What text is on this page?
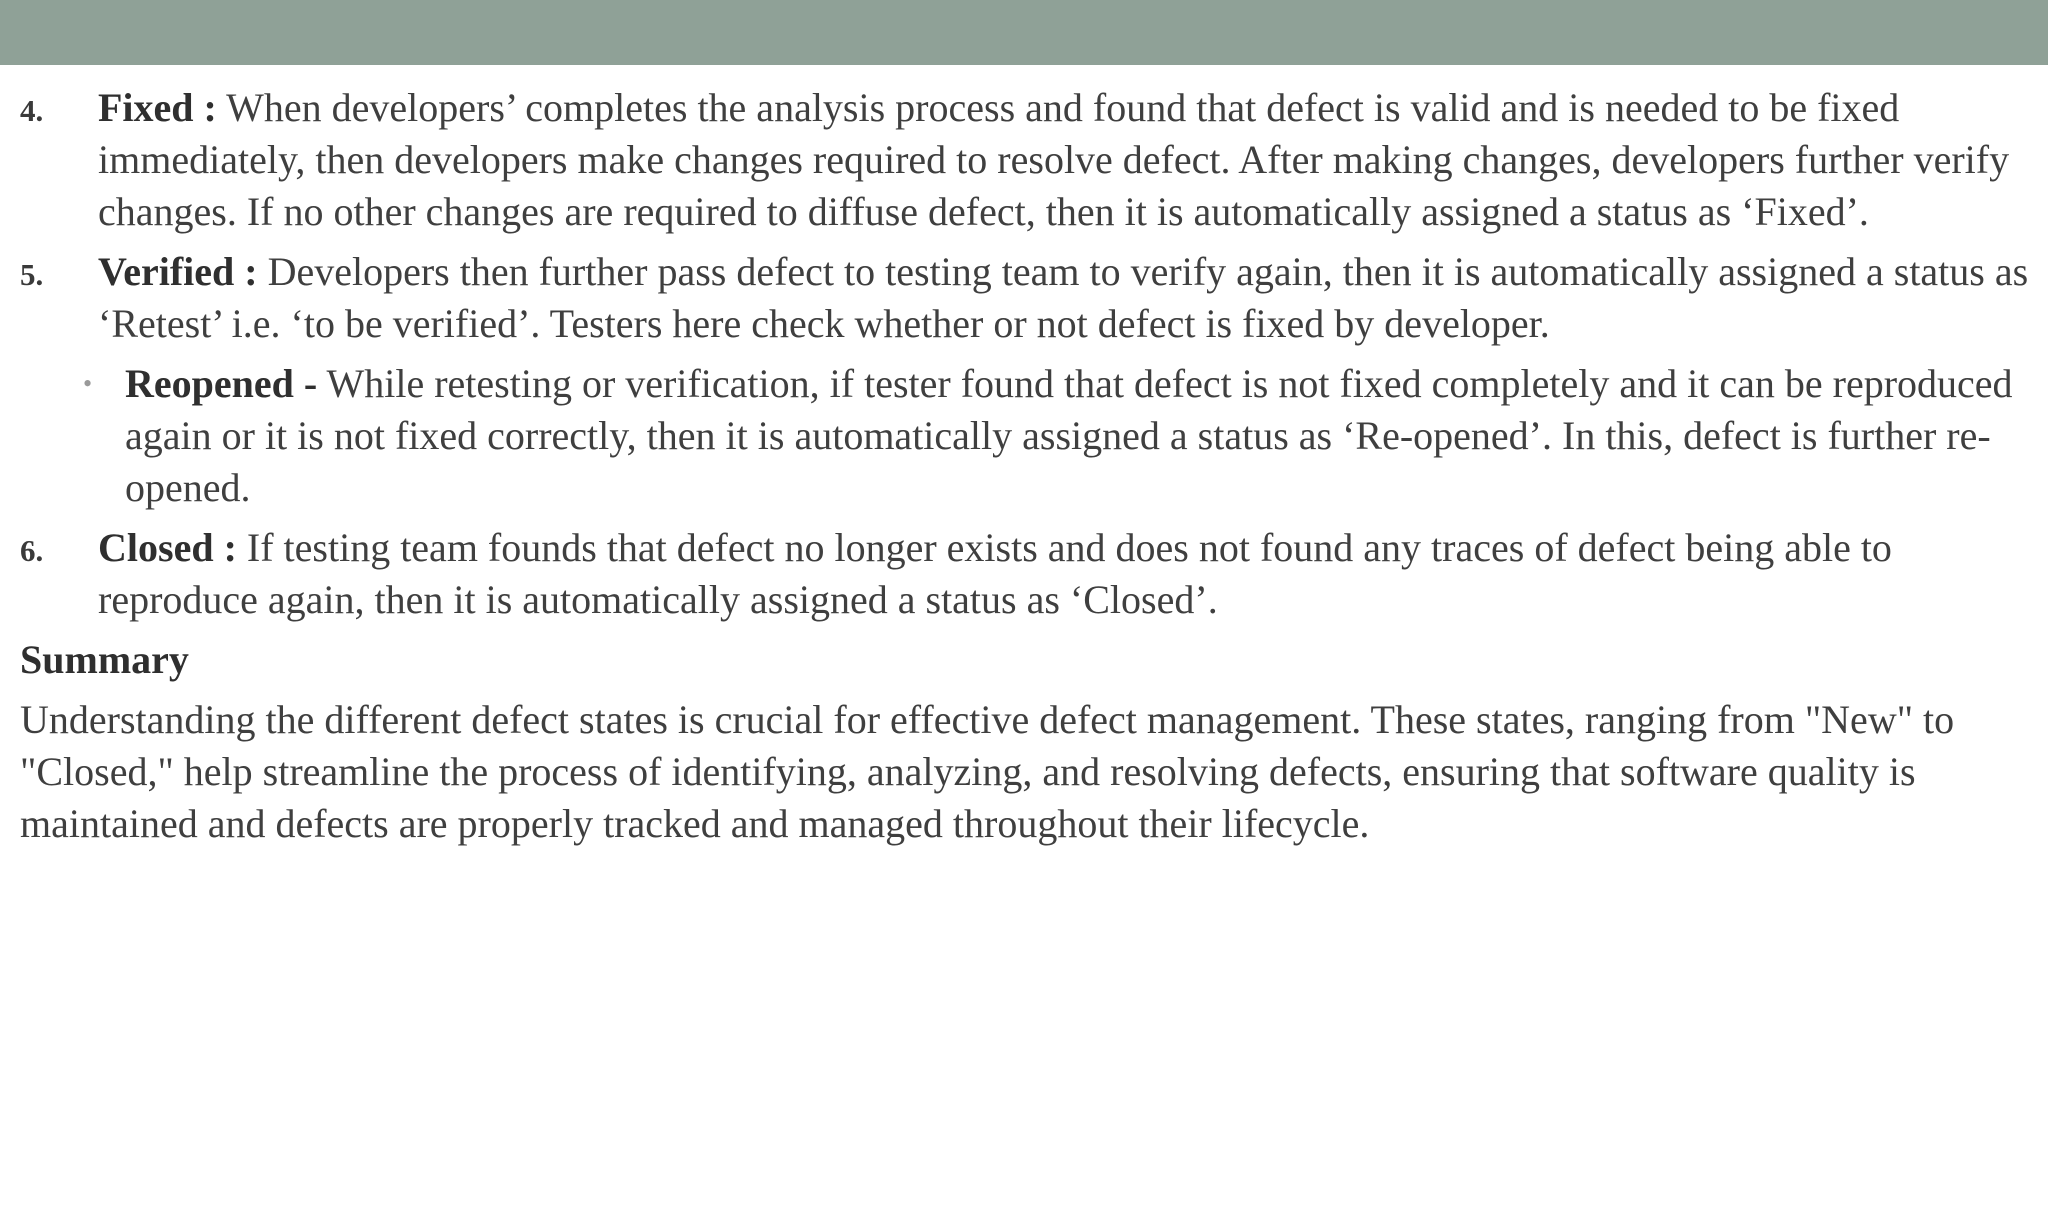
4. Fixed : When developers’ completes the analysis process and found that defect is valid and is needed to be fixed immediately, then developers make changes required to resolve defect. After making changes, developers further verify changes. If no other changes are required to diffuse defect, then it is automatically assigned a status as ‘Fixed’.
5. Verified : Developers then further pass defect to testing team to verify again, then it is automatically assigned a status as ‘Retest’ i.e. ‘to be verified’. Testers here check whether or not defect is fixed by developer.
• Reopened - While retesting or verification, if tester found that defect is not fixed completely and it can be reproduced again or it is not fixed correctly, then it is automatically assigned a status as ‘Re-opened’. In this, defect is further re-opened.
6. Closed : If testing team founds that defect no longer exists and does not found any traces of defect being able to reproduce again, then it is automatically assigned a status as ‘Closed’.
Summary
Understanding the different defect states is crucial for effective defect management. These states, ranging from "New" to "Closed," help streamline the process of identifying, analyzing, and resolving defects, ensuring that software quality is maintained and defects are properly tracked and managed throughout their lifecycle.
